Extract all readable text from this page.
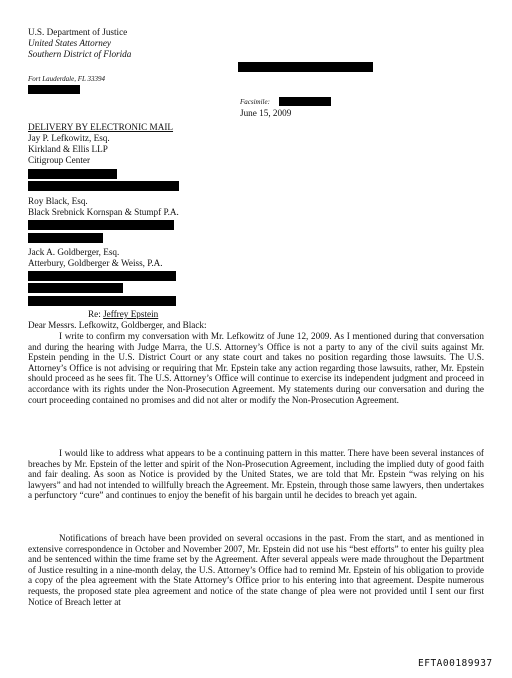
U.S. Department of Justice
United States Attorney
Southern District of Florida
Fort Lauderdale, FL 33394
Facsimile:
June 15, 2009
DELIVERY BY ELECTRONIC MAIL
Jay P. Lefkowitz, Esq.
Kirkland & Ellis LLP
Citigroup Center
Roy Black, Esq.
Black Srebnick Kornspan & Stumpf P.A.
Jack A. Goldberger, Esq.
Atterbury, Goldberger & Weiss, P.A.
Re: Jeffrey Epstein
Dear Messrs. Lefkowitz, Goldberger, and Black:
I write to confirm my conversation with Mr. Lefkowitz of June 12, 2009. As I mentioned during that conversation and during the hearing with Judge Marra, the U.S. Attorney’s Office is not a party to any of the civil suits against Mr. Epstein pending in the U.S. District Court or any state court and takes no position regarding those lawsuits. The U.S. Attorney’s Office is not advising or requiring that Mr. Epstein take any action regarding those lawsuits, rather, Mr. Epstein should proceed as he sees fit. The U.S. Attorney’s Office will continue to exercise its independent judgment and proceed in accordance with its rights under the Non-Prosecution Agreement. My statements during our conversation and during the court proceeding contained no promises and did not alter or modify the Non-Prosecution Agreement.
I would like to address what appears to be a continuing pattern in this matter. There have been several instances of breaches by Mr. Epstein of the letter and spirit of the Non-Prosecution Agreement, including the implied duty of good faith and fair dealing. As soon as Notice is provided by the United States, we are told that Mr. Epstein “was relying on his lawyers” and had not intended to willfully breach the Agreement. Mr. Epstein, through those same lawyers, then undertakes a perfunctory “cure” and continues to enjoy the benefit of his bargain until he decides to breach yet again.
Notifications of breach have been provided on several occasions in the past. From the start, and as mentioned in extensive correspondence in October and November 2007, Mr. Epstein did not use his “best efforts” to enter his guilty plea and be sentenced within the time frame set by the Agreement. After several appeals were made throughout the Department of Justice resulting in a nine-month delay, the U.S. Attorney’s Office had to remind Mr. Epstein of his obligation to provide a copy of the plea agreement with the State Attorney’s Office prior to his entering into that agreement. Despite numerous requests, the proposed state plea agreement and notice of the state change of plea were not provided until I sent our first Notice of Breach letter at
EFTA00189937
